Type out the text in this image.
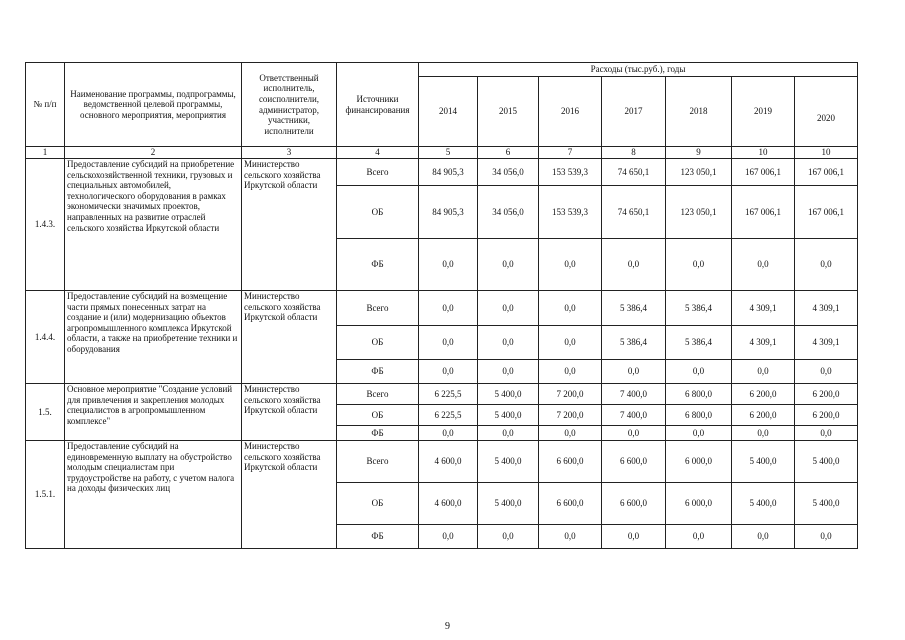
№ п/п	Наименование программы, подпрограммы, ведомственной целевой программы, основного мероприятия, мероприятия	Ответственный исполнитель, соисполнители, администратор, участники, исполнители	Источники финансирования	Расходы (тыс.руб.), годы						
				2014	2015	2016	2017	2018	2019	2020
1	2	3	4	5	6	7	8	9	10	10
1.4.3.	Предоставление субсидий на приобретение сельскохозяйственной техники, грузовых и специальных автомобилей, технологического оборудования в рамках экономически значимых проектов, направленных на развитие отраслей сельского хозяйства Иркутской области	Министерство сельского хозяйства Иркутской области	Всего	84 905,3	34 056,0	153 539,3	74 650,1	123 050,1	167 006,1	167 006,1
			ОБ	84 905,3	34 056,0	153 539,3	74 650,1	123 050,1	167 006,1	167 006,1
			ФБ	0,0	0,0	0,0	0,0	0,0	0,0	0,0
1.4.4.	Предоставление субсидий на возмещение части прямых понесенных затрат на создание и (или) модернизацию объектов агропромышленного комплекса Иркутской области, а также на приобретение техники и оборудования	Министерство сельского хозяйства Иркутской области	Всего	0,0	0,0	0,0	5 386,4	5 386,4	4 309,1	4 309,1
			ОБ	0,0	0,0	0,0	5 386,4	5 386,4	4 309,1	4 309,1
			ФБ	0,0	0,0	0,0	0,0	0,0	0,0	0,0
1.5.	Основное мероприятие "Создание условий для привлечения и закрепления молодых специалистов в агропромышленном комплексе"	Министерство сельского хозяйства Иркутской области	Всего	6 225,5	5 400,0	7 200,0	7 400,0	6 800,0	6 200,0	6 200,0
			ОБ	6 225,5	5 400,0	7 200,0	7 400,0	6 800,0	6 200,0	6 200,0
			ФБ	0,0	0,0	0,0	0,0	0,0	0,0	0,0
1.5.1.	Предоставление субсидий на единовременную выплату на обустройство молодым специалистам при трудоустройстве на работу, с учетом налога на доходы физических лиц	Министерство сельского хозяйства Иркутской области	Всего	4 600,0	5 400,0	6 600,0	6 600,0	6 000,0	5 400,0	5 400,0
			ОБ	4 600,0	5 400,0	6 600,0	6 600,0	6 000,0	5 400,0	5 400,0
			ФБ	0,0	0,0	0,0	0,0	0,0	0,0	0,0
9
